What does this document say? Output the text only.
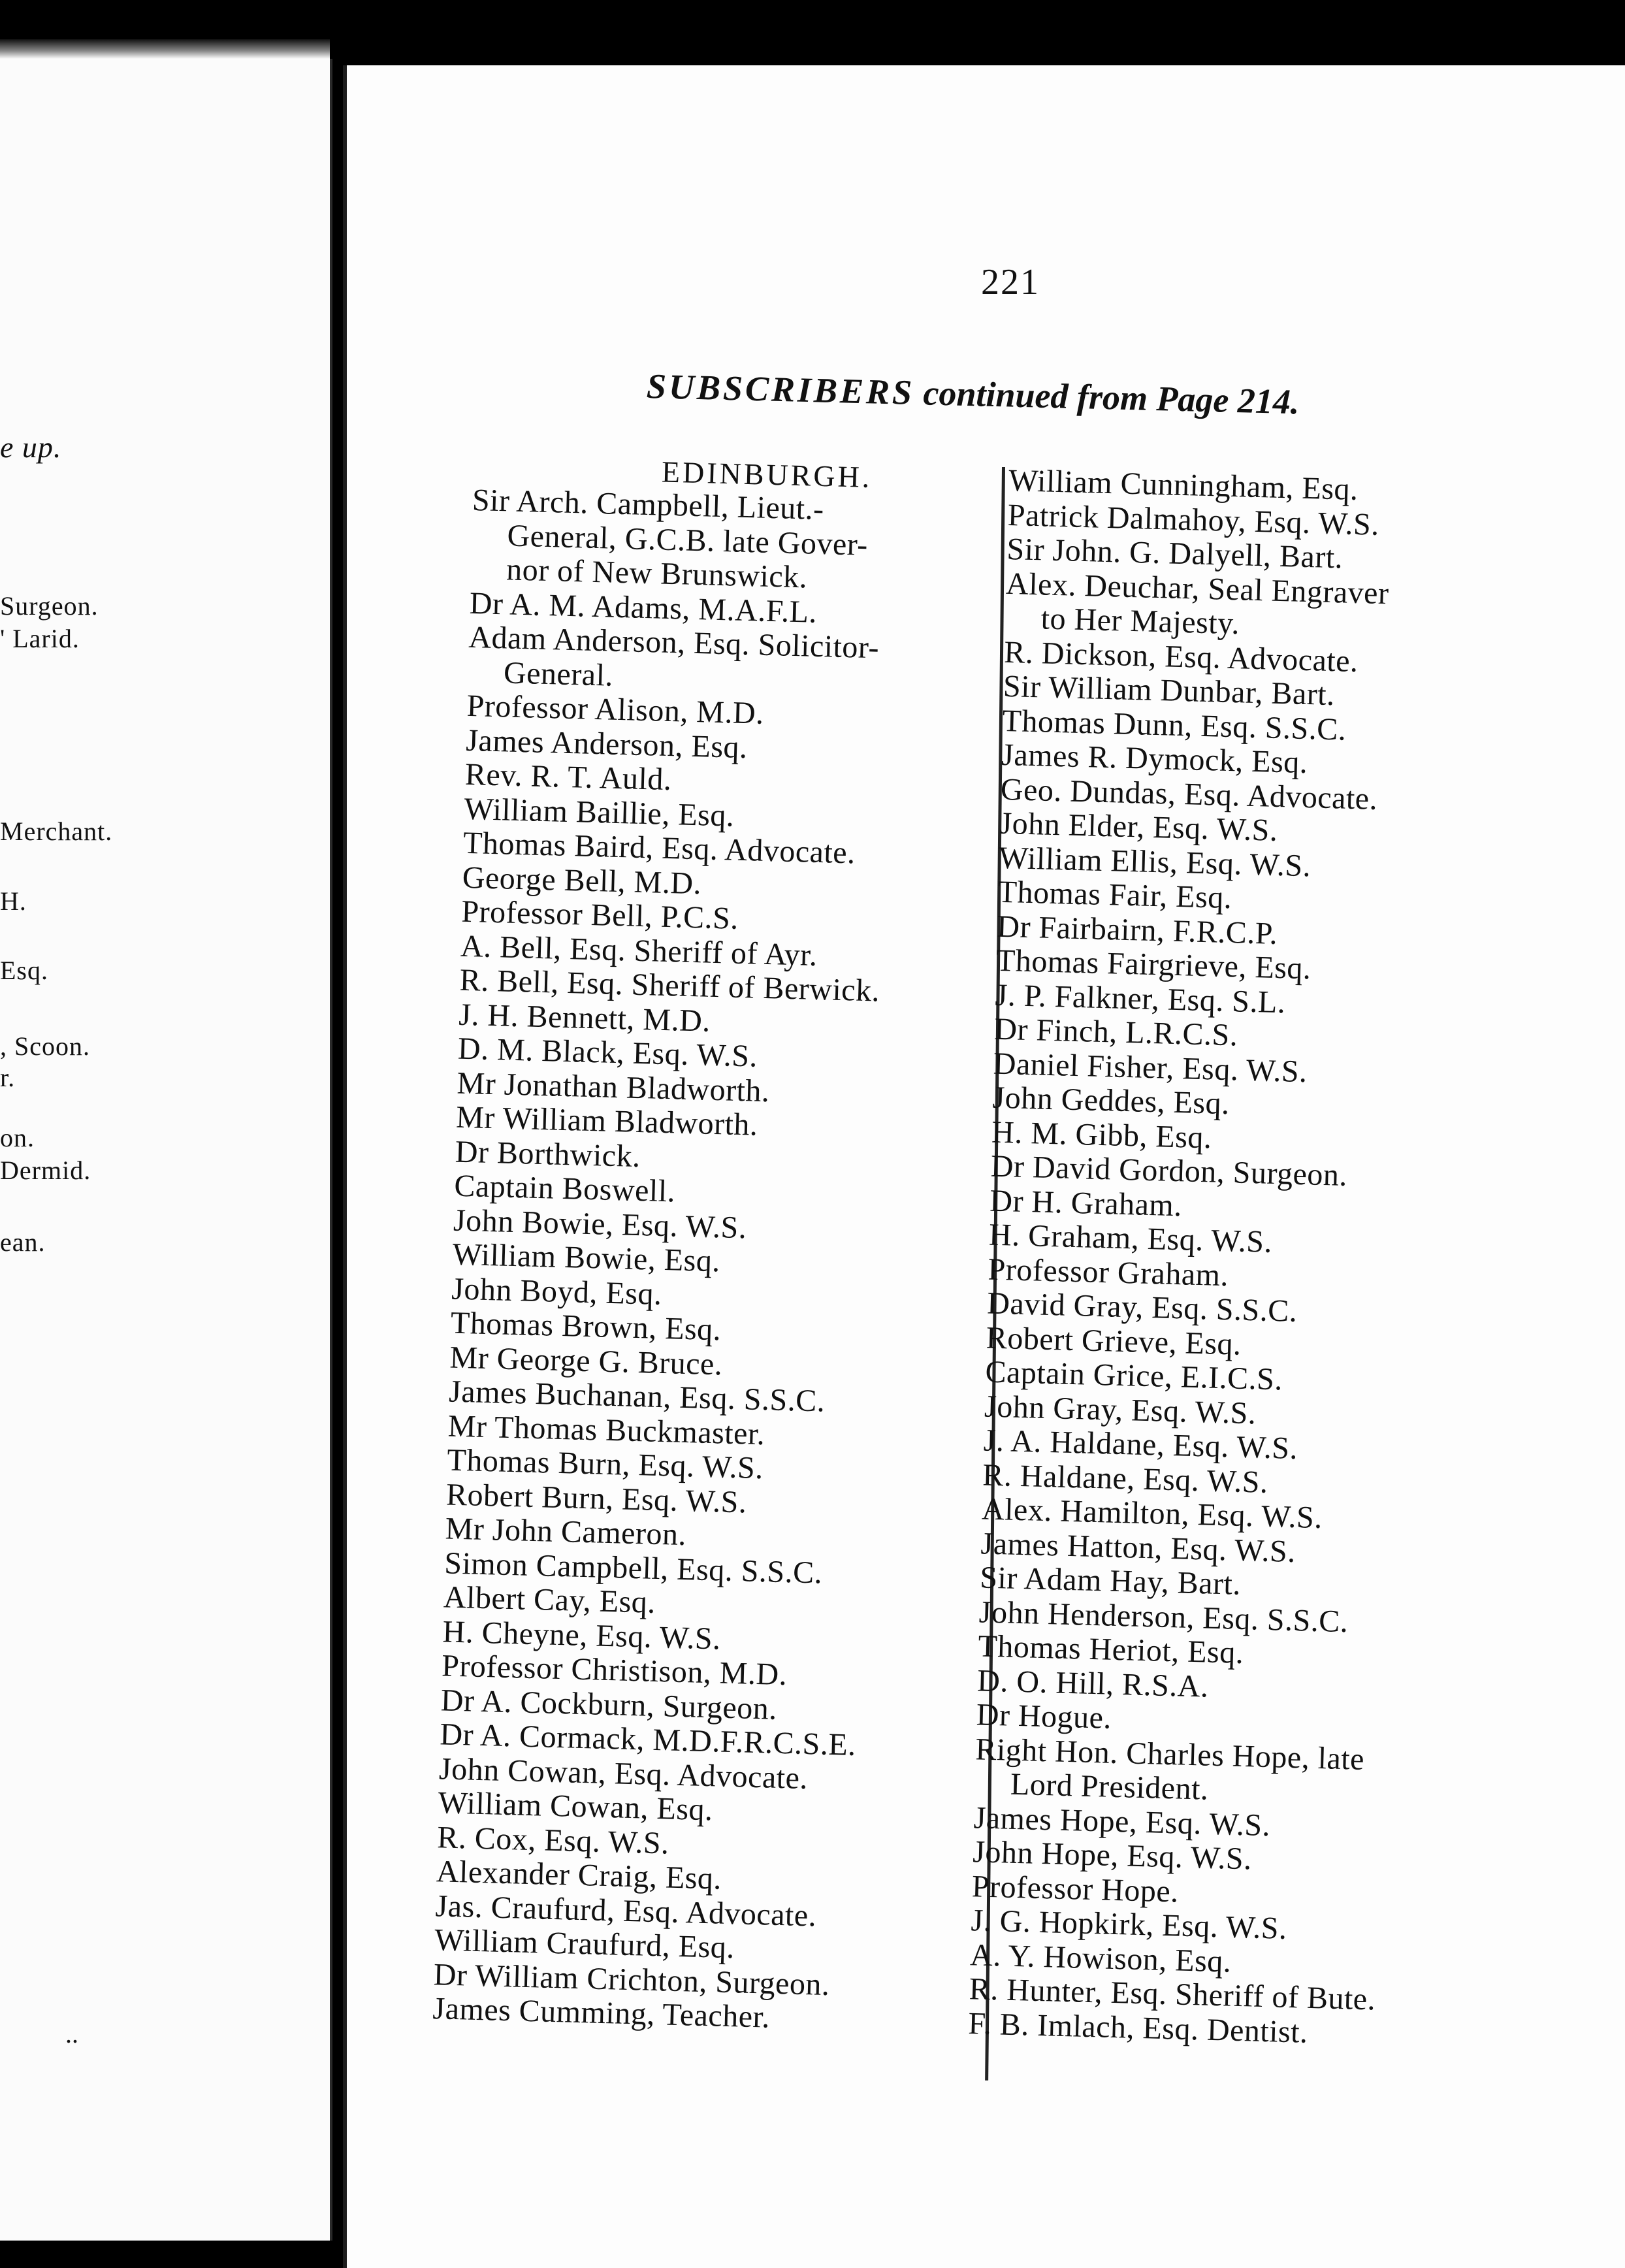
e up.
Surgeon.
' Larid.
Merchant.
H.
Esq.
, Scoon.
r.
on.
Dermid.
ean.
..
221
SUBSCRIBERS continued from Page 214.
EDINBURGH.
Sir Arch. Campbell, Lieut.-
General, G.C.B. late Gover-
nor of New Brunswick.
Dr A. M. Adams, M.A.F.L.
Adam Anderson, Esq. Solicitor-
General.
Professor Alison, M.D.
James Anderson, Esq.
Rev. R. T. Auld.
William Baillie, Esq.
Thomas Baird, Esq. Advocate.
George Bell, M.D.
Professor Bell, P.C.S.
A. Bell, Esq. Sheriff of Ayr.
R. Bell, Esq. Sheriff of Berwick.
J. H. Bennett, M.D.
D. M. Black, Esq. W.S.
Mr Jonathan Bladworth.
Mr William Bladworth.
Dr Borthwick.
Captain Boswell.
John Bowie, Esq. W.S.
William Bowie, Esq.
John Boyd, Esq.
Thomas Brown, Esq.
Mr George G. Bruce.
James Buchanan, Esq. S.S.C.
Mr Thomas Buckmaster.
Thomas Burn, Esq. W.S.
Robert Burn, Esq. W.S.
Mr John Cameron.
Simon Campbell, Esq. S.S.C.
Albert Cay, Esq.
H. Cheyne, Esq. W.S.
Professor Christison, M.D.
Dr A. Cockburn, Surgeon.
Dr A. Cormack, M.D.F.R.C.S.E.
John Cowan, Esq. Advocate.
William Cowan, Esq.
R. Cox, Esq. W.S.
Alexander Craig, Esq.
Jas. Craufurd, Esq. Advocate.
William Craufurd, Esq.
Dr William Crichton, Surgeon.
James Cumming, Teacher.
William Cunningham, Esq.
Patrick Dalmahoy, Esq. W.S.
Sir John. G. Dalyell, Bart.
Alex. Deuchar, Seal Engraver
to Her Majesty.
R. Dickson, Esq. Advocate.
Sir William Dunbar, Bart.
Thomas Dunn, Esq. S.S.C.
James R. Dymock, Esq.
Geo. Dundas, Esq. Advocate.
John Elder, Esq. W.S.
William Ellis, Esq. W.S.
Thomas Fair, Esq.
Dr Fairbairn, F.R.C.P.
Thomas Fairgrieve, Esq.
J. P. Falkner, Esq. S.L.
Dr Finch, L.R.C.S.
Daniel Fisher, Esq. W.S.
John Geddes, Esq.
H. M. Gibb, Esq.
Dr David Gordon, Surgeon.
Dr H. Graham.
H. Graham, Esq. W.S.
Professor Graham.
David Gray, Esq. S.S.C.
Robert Grieve, Esq.
Captain Grice, E.I.C.S.
John Gray, Esq. W.S.
J. A. Haldane, Esq. W.S.
R. Haldane, Esq. W.S.
Alex. Hamilton, Esq. W.S.
James Hatton, Esq. W.S.
Sir Adam Hay, Bart.
John Henderson, Esq. S.S.C.
Thomas Heriot, Esq.
D. O. Hill, R.S.A.
Dr Hogue.
Right Hon. Charles Hope, late
Lord President.
James Hope, Esq. W.S.
John Hope, Esq. W.S.
Professor Hope.
J. G. Hopkirk, Esq. W.S.
A. Y. Howison, Esq.
R. Hunter, Esq. Sheriff of Bute.
F. B. Imlach, Esq. Dentist.
